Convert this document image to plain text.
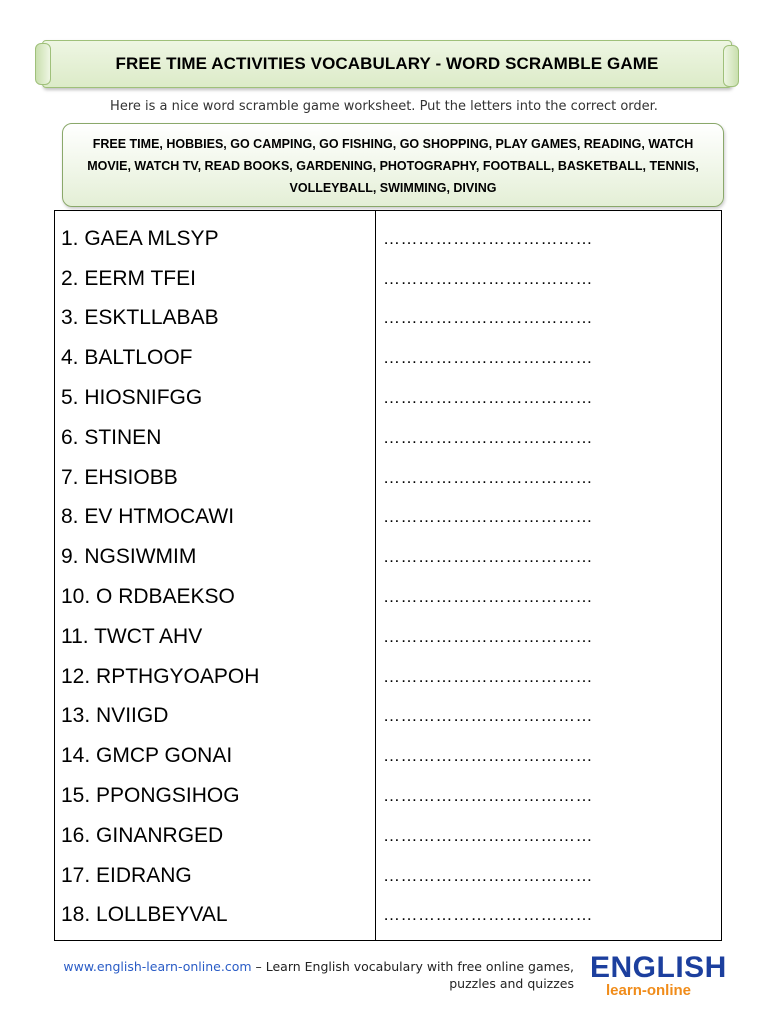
FREE TIME ACTIVITIES VOCABULARY - WORD SCRAMBLE GAME
Here is a nice word scramble game worksheet. Put the letters into the correct order.

FREE TIME, HOBBIES, GO CAMPING, GO FISHING, GO SHOPPING, PLAY GAMES, READING, WATCH MOVIE, WATCH TV, READ BOOKS, GARDENING, PHOTOGRAPHY, FOOTBALL, BASKETBALL, TENNIS, VOLLEYBALL, SWIMMING, DIVING

1. GAEA MLSYP	………………………………
2. EERM TFEI	………………………………
3. ESKTLLABAB	………………………………
4. BALTLOOF	………………………………
5. HIOSNIFGG	………………………………
6. STINEN	………………………………
7. EHSIOBB	………………………………
8. EV HTMOCAWI	………………………………
9. NGSIWMIM	………………………………
10. O RDBAEKSO	………………………………
11. TWCT AHV	………………………………
12. RPTHGYOAPOH	………………………………
13. NVIIGD	………………………………
14. GMCP GONAI	………………………………
15. PPONGSIHOG	………………………………
16. GINANRGED	………………………………
17. EIDRANG	………………………………
18. LOLLBEYVAL	………………………………
www.english-learn-online.com – Learn English vocabulary with free online games, puzzles and quizzes ENGLISH
learn-online
